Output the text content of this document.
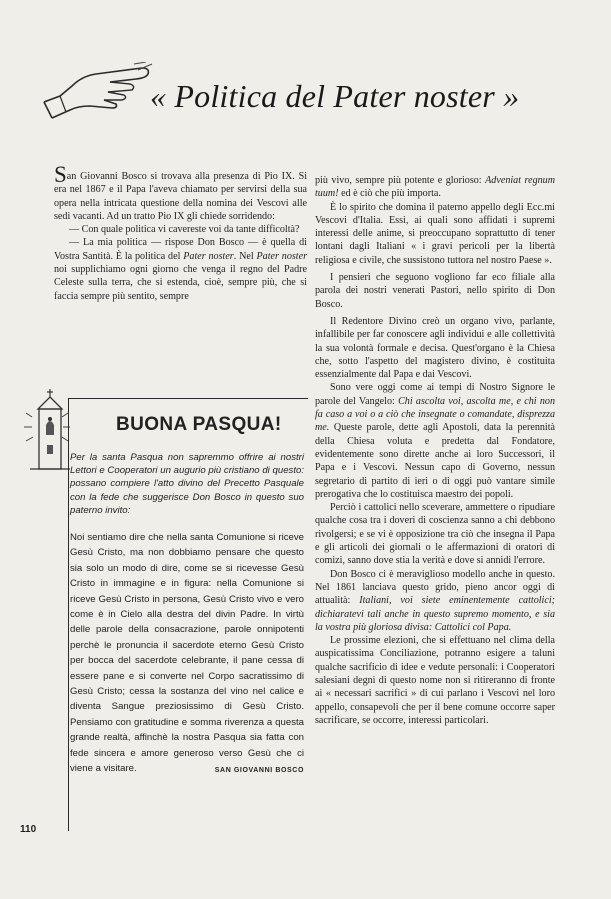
« Politica del Pater noster »

San Giovanni Bosco si trovava alla presenza di Pio IX. Si era nel 1867 e il Papa l'aveva chiamato per servirsi della sua opera nella intricata questione della nomina dei Vescovi alle sedi vacanti. Ad un tratto Pio IX gli chiede sorridendo:

— Con quale politica vi cavereste voi da tante difficoltà?

— La mia politica — rispose Don Bosco — è quella di Vostra Santità. È la politica del Pater noster. Nel Pater noster noi supplichiamo ogni giorno che venga il regno del Padre Celeste sulla terra, che si estenda, cioè, sempre più, che si faccia sempre più sentito, sempre

BUONA PASQUA!
Per la santa Pasqua non sapremmo offrire ai nostri Lettori e Cooperatori un augurio più cristiano di questo: possano compiere l'atto divino del Precetto Pasquale con la fede che suggerisce Don Bosco in questo suo paterno invito:

Noi sentiamo dire che nella santa Comunione si riceve Gesù Cristo, ma non dobbiamo pensare che questo sia solo un modo di dire, come se si ricevesse Gesù Cristo in immagine e in figura: nella Comunione si riceve Gesù Cristo in persona, Gesù Cristo vivo e vero come è in Cielo alla destra del divin Padre. In virtù delle parole della consacrazione, parole onnipotenti perchè le pronuncia il sacerdote eterno Gesù Cristo per bocca del sacerdote celebrante, il pane cessa di essere pane e si converte nel Corpo sacratissimo di Gesù Cristo; cessa la sostanza del vino nel calice e diventa Sangue preziosissimo di Gesù Cristo. Pensiamo con gratitudine e somma riverenza a questa grande realtà, affinchè la nostra Pasqua sia fatta con fede sincera e amore generoso verso Gesù che ci viene a visitare.	SAN GIOVANNI BOSCO

più vivo, sempre più potente e glorioso: Adveniat regnum tuum! ed è ciò che più importa.

È lo spirito che domina il paterno appello degli Ecc.mi Vescovi d'Italia. Essi, ai quali sono affidati i supremi interessi delle anime, si preoccupano soprattutto di tener lontani dagli Italiani « i gravi pericoli per la libertà religiosa e civile, che sussistono tuttora nel nostro Paese ».

I pensieri che seguono vogliono far eco filiale alla parola dei nostri venerati Pastori, nello spirito di Don Bosco.

Il Redentore Divino creò un organo vivo, parlante, infallibile per far conoscere agli individui e alle collettività la sua volontà formale e decisa. Quest'organo è la Chiesa che, sotto l'aspetto del magistero divino, è costituita essenzialmente dal Papa e dai Vescovi.

Sono vere oggi come ai tempi di Nostro Signore le parole del Vangelo: Chi ascolta voi, ascolta me, e chi non fa caso a voi o a ciò che insegnate o comandate, disprezza me. Queste parole, dette agli Apostoli, data la perennità della Chiesa voluta e predetta dal Fondatore, evidentemente sono dirette anche ai loro Successori, il Papa e i Vescovi. Nessun capo di Governo, nessun segretario di partito di ieri o di oggi può vantare simile prerogativa che lo costituisca maestro dei popoli.

Perciò i cattolici nello sceverare, ammettere o ripudiare qualche cosa tra i doveri di coscienza sanno a chi debbono rivolgersi; e se vi è opposizione tra ciò che insegna il Papa e gli articoli dei giornali o le affermazioni di oratori di comizi, sanno dove stia la verità e dove si annidi l'errore.

Don Bosco ci è meraviglioso modello anche in questo. Nel 1861 lanciava questo grido, pieno ancor oggi di attualità: Italiani, voi siete eminentemente cattolici; dichiaratevi tali anche in questo supremo momento, e sia la vostra più gloriosa divisa: Cattolici col Papa.

Le prossime elezioni, che si effettuano nel clima della auspicatissima Conciliazione, potranno esigere a taluni qualche sacrificio di idee e vedute personali: i Cooperatori salesiani degni di questo nome non si ritireranno di fronte ai « necessari sacrifici » di cui parlano i Vescovi nel loro appello, consapevoli che per il bene comune occorre saper sacrificare, se occorre, interessi particolari.

110
